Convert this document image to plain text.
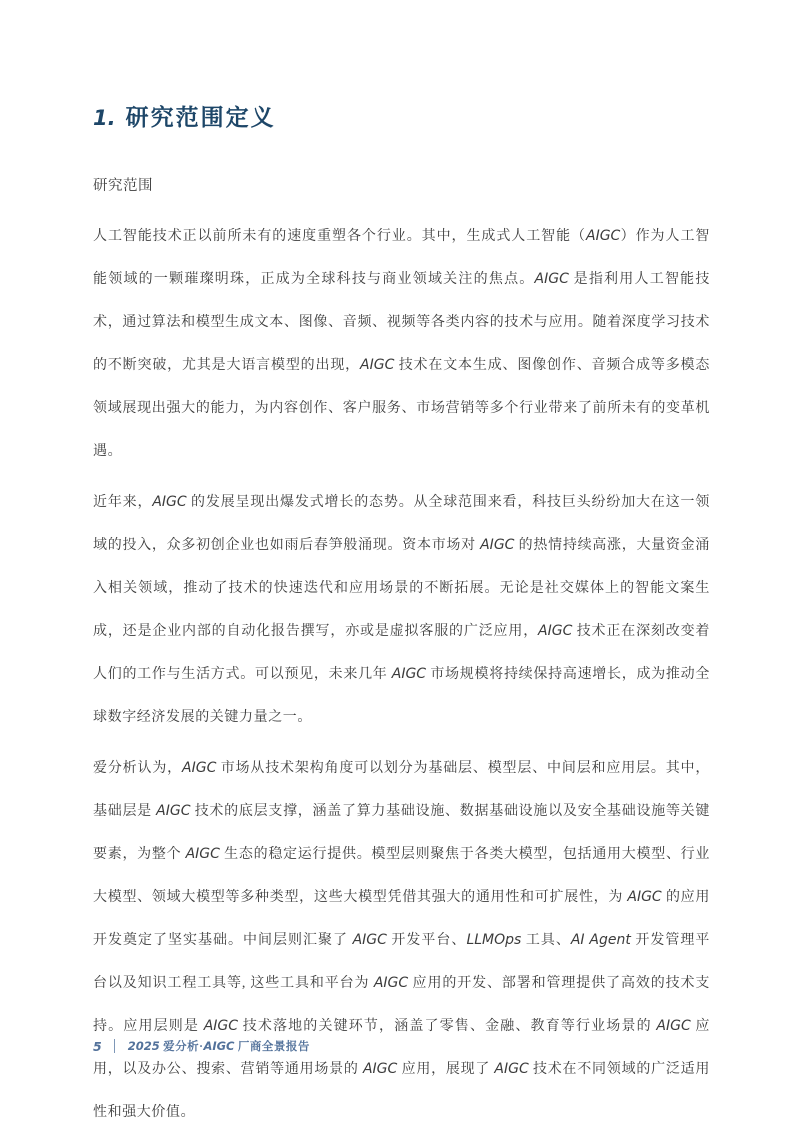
1. 研究范围定义
研究范围

人工智能技术正以前所未有的速度重塑各个行业。其中，生成式人工智能（AIGC）作为人工智能领域的一颗璀璨明珠，正成为全球科技与商业领域关注的焦点。AIGC 是指利用人工智能技术，通过算法和模型生成文本、图像、音频、视频等各类内容的技术与应用。随着深度学习技术的不断突破，尤其是大语言模型的出现，AIGC 技术在文本生成、图像创作、音频合成等多模态领域展现出强大的能力，为内容创作、客户服务、市场营销等多个行业带来了前所未有的变革机遇。

近年来，AIGC 的发展呈现出爆发式增长的态势。从全球范围来看，科技巨头纷纷加大在这一领域的投入，众多初创企业也如雨后春笋般涌现。资本市场对 AIGC 的热情持续高涨，大量资金涌入相关领域，推动了技术的快速迭代和应用场景的不断拓展。无论是社交媒体上的智能文案生成，还是企业内部的自动化报告撰写，亦或是虚拟客服的广泛应用，AIGC 技术正在深刻改变着人们的工作与生活方式。可以预见，未来几年 AIGC 市场规模将持续保持高速增长，成为推动全球数字经济发展的关键力量之一。

爱分析认为，AIGC 市场从技术架构角度可以划分为基础层、模型层、中间层和应用层。其中，基础层是 AIGC 技术的底层支撑，涵盖了算力基础设施、数据基础设施以及安全基础设施等关键要素，为整个 AIGC 生态的稳定运行提供。模型层则聚焦于各类大模型，包括通用大模型、行业大模型、领域大模型等多种类型，这些大模型凭借其强大的通用性和可扩展性，为 AIGC 的应用开发奠定了坚实基础。中间层则汇聚了 AIGC 开发平台、LLMOps 工具、AI Agent 开发管理平台以及知识工程工具等, 这些工具和平台为 AIGC 应用的开发、部署和管理提供了高效的技术支持。应用层则是 AIGC 技术落地的关键环节，涵盖了零售、金融、教育等行业场景的 AIGC 应用，以及办公、搜索、营销等通用场景的 AIGC 应用，展现了 AIGC 技术在不同领域的广泛适用性和强大价值。

5 2025 爱分析·AIGC 厂商全景报告
